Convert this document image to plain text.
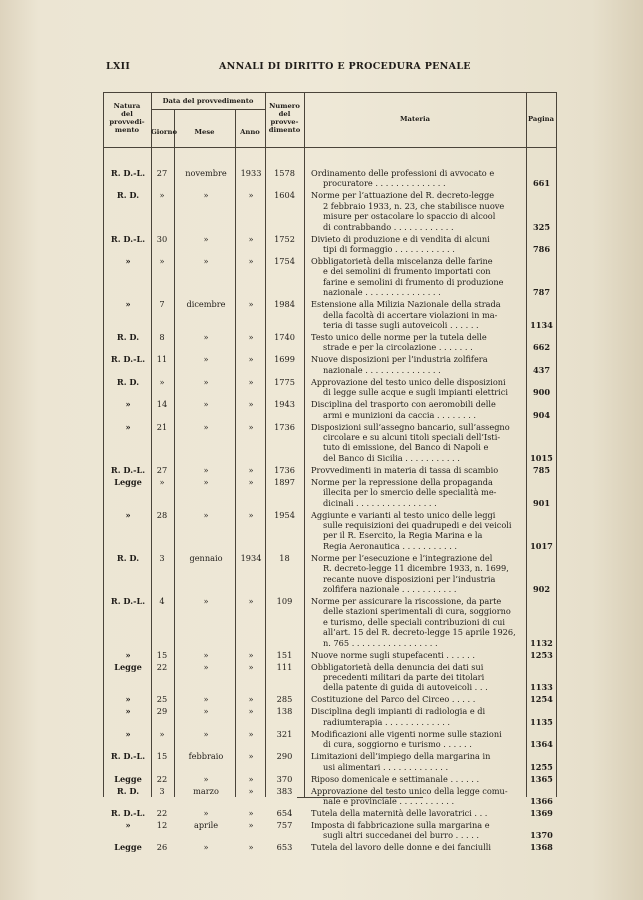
LXII	ANNALI DI DIRITTO E PROCEDURA PENALE
Natura
del
provvedi-
mento
Data del provvedimento
Giorno	Mese	Anno
Numero
del
provve-
dimento
Materia	Pagina
R. D.-L.	27	novembre	1933	1578	Ordinamento delle professioni di avvocato e
procuratore . . . . . . . . . . . . . .	661
R. D.	»	»	»	1604	Norme per l’attuazione del R. decreto-legge
2 febbraio 1933, n. 23, che stabilisce nuove
misure per ostacolare lo spaccio di alcool
di contrabbando . . . . . . . . . . . .	325
R. D.-L.	30	»	»	1752	Divieto di produzione e di vendita di alcuni
tipi di formaggio . . . . . . . . . . . .	786
»	»	»	»	1754	Obbligatorietà della miscelanza delle farine
e dei semolini di frumento importati con
farine e semolini di frumento di produzione
nazionale . . . . . . . . . . . . . . .	787
»	7	dicembre	»	1984	Estensione alla Milizia Nazionale della strada
della facoltà di accertare violazioni in ma-
teria di tasse sugli autoveicoli . . . . . .	1134
R. D.	8	»	»	1740	Testo unico delle norme per la tutela delle
strade e per la circolazione . . . . . . .	662
R. D.-L.	11	»	»	1699	Nuove disposizioni per l’industria zolfifera
nazionale . . . . . . . . . . . . . . .	437
R. D.	»	»	»	1775	Approvazione del testo unico delle disposizioni
di legge sulle acque e sugli impianti elettrici	900
»	14	»	»	1943	Disciplina del trasporto con aeromobili delle
armi e munizioni da caccia . . . . . . . .	904
»	21	»	»	1736	Disposizioni sull’assegno bancario, sull’assegno
circolare e su alcuni titoli speciali dell’Isti-
tuto di emissione, del Banco di Napoli e
del Banco di Sicilia . . . . . . . . . . .	1015
R. D.-L.	27	»	»	1736	Provvedimenti in materia di tassa di scambio	785
Legge	»	»	»	1897	Norme per la repressione della propaganda
illecita per lo smercio delle specialità me-
dicinali . . . . . . . . . . . . . . . .	901
»	28	»	»	1954	Aggiunte e varianti al testo unico delle leggi
sulle requisizioni dei quadrupedi e dei veicoli
per il R. Esercito, la Regia Marina e la
Regia Aeronautica . . . . . . . . . . .	1017
R. D.	3	gennaio	1934	18	Norme per l’esecuzione e l’integrazione del
R. decreto-legge 11 dicembre 1933, n. 1699,
recante nuove disposizioni per l’industria
zolfifera nazionale . . . . . . . . . . .	902
R. D.-L.	4	»	»	109	Norme per assicurare la riscossione, da parte
delle stazioni sperimentali di cura, soggiorno
e turismo, delle speciali contribuzioni di cui
all’art. 15 del R. decreto-legge 15 aprile 1926,
n. 765 . . . . . . . . . . . . . . . . .	1132
»	15	»	»	151	Nuove norme sugli stupefacenti . . . . . .	1253
Legge	22	»	»	111	Obbligatorietà della denuncia dei dati sui
precedenti militari da parte dei titolari
della patente di guida di autoveicoli . . .	1133
»	25	»	»	285	Costituzione del Parco del Circeo . . . . .	1254
»	29	»	»	138	Disciplina degli impianti di radiologia e di
radiumterapia . . . . . . . . . . . . .	1135
»	»	»	»	321	Modificazioni alle vigenti norme sulle stazioni
di cura, soggiorno e turismo . . . . . .	1364
R. D.-L.	15	febbraio	»	290	Limitazioni dell’impiego della margarina in
usi alimentari . . . . . . . . . . . . .	1255
Legge	22	»	»	370	Riposo domenicale e settimanale . . . . . .	1365
R. D.	3	marzo	»	383	Approvazione del testo unico della legge comu-
nale e provinciale . . . . . . . . . . .	1366
R. D.-L.	22	»	»	654	Tutela della maternità delle lavoratrici . . .	1369
»	12	aprile	»	757	Imposta di fabbricazione sulla margarina e
sugli altri succedanei del burro . . . . .	1370
Legge	26	»	»	653	Tutela del lavoro delle donne e dei fanciulli	1368
